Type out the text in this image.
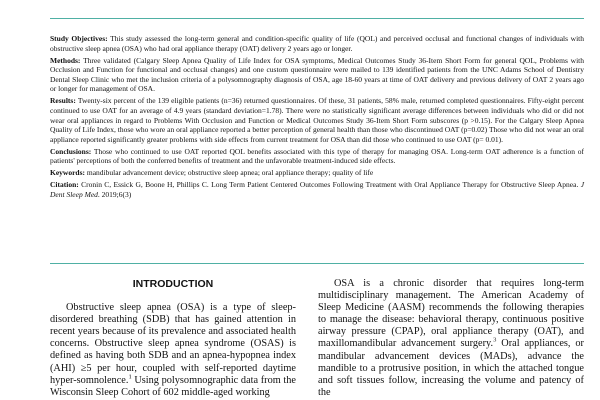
Study Objectives: This study assessed the long-term general and condition-specific quality of life (QOL) and perceived occlusal and functional changes of individuals with obstructive sleep apnea (OSA) who had oral appliance therapy (OAT) delivery 2 years ago or longer.

Methods: Three validated (Calgary Sleep Apnea Quality of Life Index for OSA symptoms, Medical Outcomes Study 36-Item Short Form for general QOL, Problems with Occlusion and Function for functional and occlusal changes) and one custom questionnaire were mailed to 139 identified patients from the UNC Adams School of Dentistry Dental Sleep Clinic who met the inclusion criteria of a polysomnography diagnosis of OSA, age 18-60 years at time of OAT delivery and previous delivery of OAT 2 years ago or longer for management of OSA.

Results: Twenty-six percent of the 139 eligible patients (n=36) returned questionnaires. Of these, 31 patients, 58% male, returned completed questionnaires. Fifty-eight percent continued to use OAT for an average of 4.9 years (standard deviation=1.78). There were no statistically significant average differences between individuals who did or did not wear oral appliances in regard to Problems With Occlusion and Function or Medical Outcomes Study 36-Item Short Form subscores (p >0.15). For the Calgary Sleep Apnea Quality of Life Index, those who wore an oral appliance reported a better perception of general health than those who discontinued OAT (p=0.02) Those who did not wear an oral appliance reported significantly greater problems with side effects from current treatment for OSA than did those who continued to use OAT (p= 0.01).

Conclusions: Those who continued to use OAT reported QOL benefits associated with this type of therapy for managing OSA. Long-term OAT adherence is a function of patients' perceptions of both the conferred benefits of treatment and the unfavorable treatment-induced side effects.

Keywords: mandibular advancement device; obstructive sleep apnea; oral appliance therapy; quality of life

Citation: Cronin C, Essick G, Boone H, Phillips C. Long Term Patient Centered Outcomes Following Treatment with Oral Appliance Therapy for Obstructive Sleep Apnea. J Dent Sleep Med. 2019;6(3)

INTRODUCTION

Obstructive sleep apnea (OSA) is a type of sleep-disordered breathing (SDB) that has gained attention in recent years because of its prevalence and associated health concerns. Obstructive sleep apnea syndrome (OSAS) is defined as having both SDB and an apnea-hypopnea index (AHI) ≥5 per hour, coupled with self-reported daytime hyper-somnolence.$^1$ Using polysomnographic data from the Wisconsin Sleep Cohort of 602 middle-aged working

OSA is a chronic disorder that requires long-term multidisciplinary management. The American Academy of Sleep Medicine (AASM) recommends the following therapies to manage the disease: behavioral therapy, continuous positive airway pressure (CPAP), oral appliance therapy (OAT), and maxillomandibular advancement surgery.$^3$ Oral appliances, or mandibular advancement devices (MADs), advance the mandible to a protrusive position, in which the attached tongue and soft tissues follow, increasing the volume and patency of the
